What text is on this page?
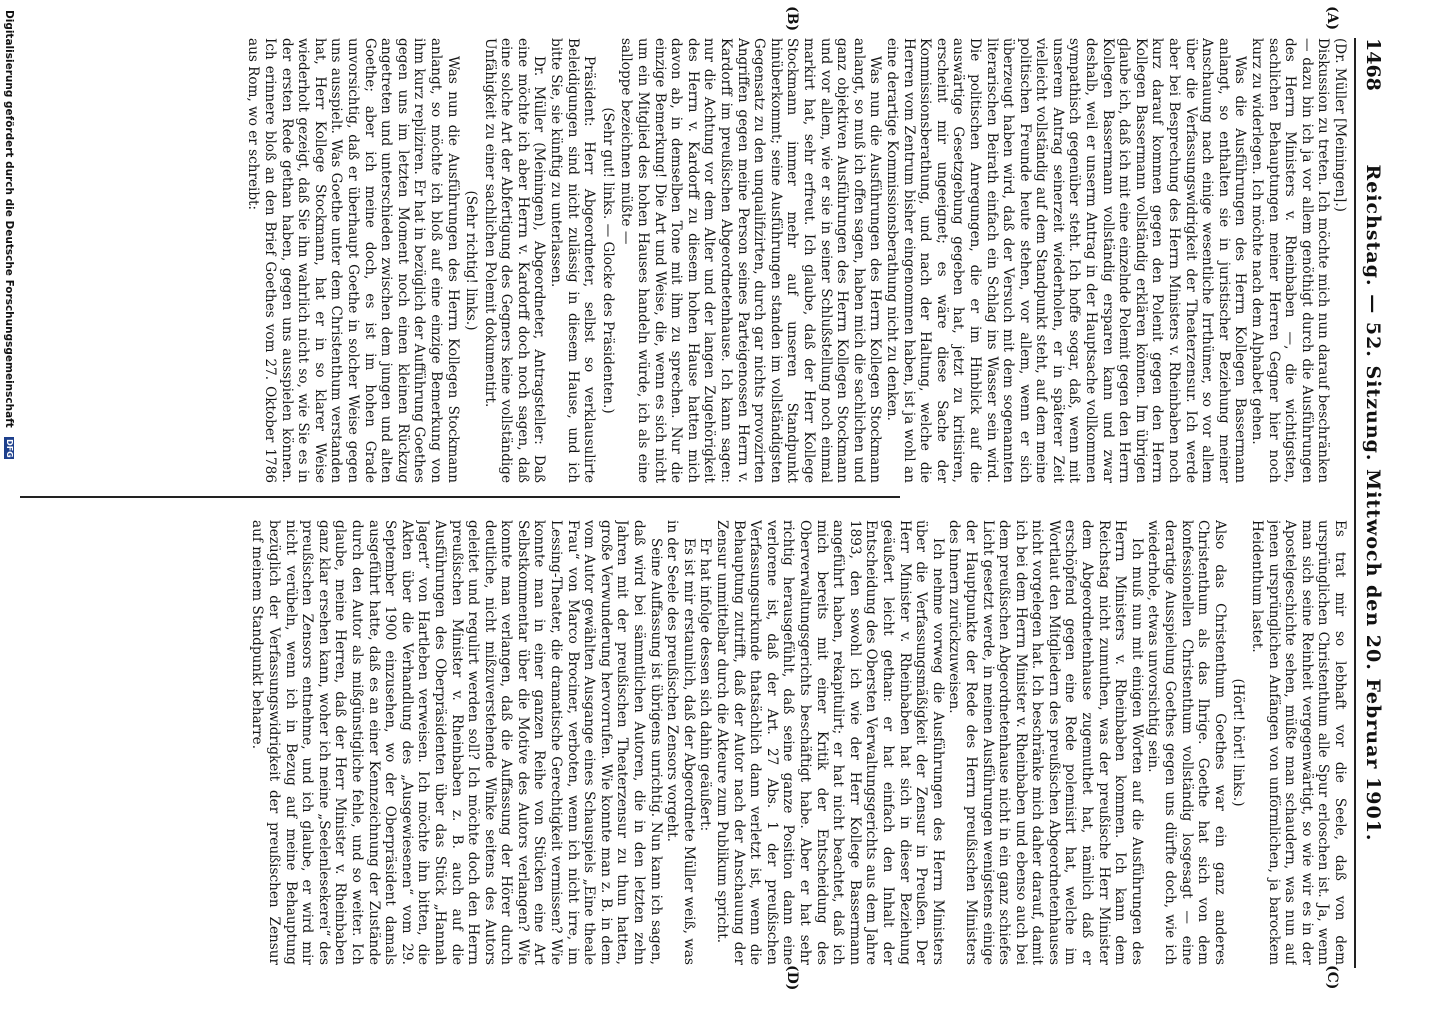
1468
Reichstag. — 52. Sitzung. Mittwoch den 20. Februar 1901.
(A)
(B)
(C)
(D)

(Dr. Müller [Meiningen].)

Diskussion zu treten. Ich möchte mich nun darauf beschränken — dazu bin ich ja vor allem genöthigt durch die Ausführungen des Herrn Ministers v. Rheinbaben —, die wichtigsten, sachlichen Behauptungen meiner Herren Gegner hier noch kurz zu widerlegen. Ich möchte nach dem Alphabet gehen.

Was die Ausführungen des Herrn Kollegen Bassermann anlangt, so enthalten sie in juristischer Beziehung meiner Anschauung nach einige wesentliche Irrthümer, so vor allem über die Verfassungswidrigkeit der Theaterzensur. Ich werde aber bei Besprechung des Herrn Ministers v. Rheinbaben noch kurz darauf kommen gegen den Polenit gegen den Herrn Kollegen Bassermann vollständig erklären können. Im übrigen glaube ich, daß ich mit eine einzelnde Polemit gegen den Herrn Kollegen Bassermann vollständig ersparen kann und zwar deshalb, weil er unserm Antrag in der Hauptsache vollkommen sympathisch gegenüber steht. Ich hoffe sogar, daß, wenn mit unserem Antrag seinerzeit wiederholen, er in späterer Zeit vielleicht vollständig auf dem Standpunkt steht, auf dem meine politischen Freunde heute stehen, vor allem, wenn er sich überzeugt haben wird, daß der Versuch mit dem sogenannten literarischen Beirath einfach ein Schlag ins Wasser sein wird. Die politischen Anregungen, die er im Hinblick auf die auswärtige Gesetzgebung gegeben hat, jetzt zu kritisiren, erscheint mir ungeeignet; es wäre diese Sache der Kommissionsberathung, und nach der Haltung, welche die Herren vom Zentrum bisher eingenommen haben, ist ja wohl an eine derartige Kommissionsberathung nicht zu denken.

Was nun die Ausführungen des Herrn Kollegen Stockmann anlangt, so muß ich offen sagen, haben mich die sachlichen und ganz objektiven Ausführungen des Herrn Kollegen Stockmann und vor allem, wie er sie in seiner Schlußstellung noch einmal markirt hat, sehr erfreut. Ich glaube, daß der Herr Kollege Stockmann immer mehr auf unseren Standpunkt hinüberkommt; seine Ausführungen standen im vollständigsten Gegensatz zu den unqualifizirten, durch gar nichts provozirten Angriffen gegen meine Person seines Parteigenossen Herrn v. Kardorff im preußischen Abgeordnetenhause. Ich kann sagen: nur die Achtung vor dem Alter und der langen Zugehörigkeit des Herrn v. Kardorff zu diesem hohen Hause hatten mich davon ab, in demselben Tone mit ihm zu sprechen. Nur die einzige Bemerkung! Die Art und Weise, die, wenn es sich nicht um ein Mitglied des hohen Hauses handeln würde, ich als eine salloppe bezeichnen müßte —

(Sehr gut! links. — Glocke des Präsidenten.)

Präsident: Herr Abgeordneter, selbst so verklausulirte Beleidigungen sind nicht zulässig in diesem Hause, und ich bitte Sie, sie künftig zu unterlassen.

Dr. Müller (Meiningen), Abgeordneter, Antragsteller: Daß eine möchte ich aber Herrn v. Kardorff doch noch sagen, daß eine solche Art der Abfertigung des Gegners keine vollständige Unfähigkeit zu einer sachlichen Polemit dokumentirt.

(Sehr richtig! links.)

Was nun die Ausführungen des Herrn Kollegen Stockmann anlangt, so möchte ich bloß auf eine einzige Bemerkung von ihm kurz repliziren. Er hat in bezüglich der Aufführung Goethes gegen uns im letzten Moment noch einen kleinen Rückzug angetreten und unterschieden zwischen dem jungen und alten Goethe; aber ich meine doch, es ist im hohen Grade unvorsichtig, daß er überhaupt Goethe in solcher Weise gegen uns ausspielt. Was Goethe unter dem Christenthum verstanden hat, Herr Kollege Stockmann, hat er in so klarer Weise wiederholt gezeigt, daß Sie ihn wahrlich nicht so, wie Sie es in der ersten Rede gethan haben, gegen uns ausspielen können. Ich erinnere bloß an den Brief Goethes vom 27. Oktober 1786 aus Rom, wo er schreibt:

Es trat mir so lebhaft vor die Seele, daß von dem ursprünglichen Christenthum alle Spur erloschen ist. Ja, wenn man sich seine Reinheit vergegenwärtigt, so wie wir es in der Apostelgeschichte sehen, müßte man schaudern, was nun auf jenen ursprünglichen Anfängen von unförmlichen, ja barockem Heidenthum lastet.

(Hört! hört! links.)

Also das Christenthum Goethes war ein ganz anderes Christenthum als das Ihrige. Goethe hat sich von dem konfessionellen Christenthum vollständig losgesagt — eine derartige Ausspielung Goethes gegen uns dürfte doch, wie ich wiederhole, etwas unvorsichtig sein.

Ich muß nun mit einigen Worten auf die Ausführungen des Herrn Ministers v. Rheinbaben kommen. Ich kann dem Reichstag nicht zumuthen, was der preußische Herr Minister dem Abgeordnetenhause zugemuthet hat, nämlich daß er erschöpfend gegen eine Rede polemisirt hat, welche im Wortlaut den Mitgliedern des preußischen Abgeordnetenhauses nicht vorgelegen hat. Ich beschränke mich daher darauf, damit ich bei dem Herrn Minister v. Rheinbaben und ebenso auch bei dem preußischen Abgeordnetenhause nicht in ein ganz schiefes Licht gesetzt werde, in meinen Ausführungen wenigstens einige der Hauptpunkte der Rede des Herrn preußischen Ministers des Innern zurückzuweisen.

Ich nehme vorweg die Ausführungen des Herrn Ministers über die Verfassungsmäßigkeit der Zensur in Preußen. Der Herr Minister v. Rheinbaben hat sich in dieser Beziehung geäußert leicht gethan: er hat einfach den Inhalt der Entscheidung des Obersten Verwaltungsgerichts aus dem Jahre 1893, den sowohl ich wie der Herr Kollege Bassermann angeführt haben, rekapitulirt; er hat nicht beachtet, daß ich mich bereits mit einer Kritik der Entscheidung des Oberverwaltungsgerichts beschäftigt habe. Aber er hat sehr richtig herausgefühlt, daß seine ganze Position dann eine verlorene ist, daß der Art. 27 Abs. 1 der preußischen Verfassungsurkunde thatsächlich dann verletzt ist, wenn die Behauptung zutrifft, daß der Autor nach der Anschauung der Zensur unmittelbar durch die Akteure zum Publikum spricht.

Er hat infolge dessen sich dahin geäußert:

Es ist mir erstaunlich, daß der Abgeordnete Müller weiß, was in der Seele des preußischen Zensors vorgeht.

Seine Auffassung ist übrigens unrichtig. Nun kann ich sagen, daß wird bei sämmtlichen Autoren, die in den letzten zehn Jahren mit der preußischen Theaterzensur zu thun hatten, große Verwunderung hervorrufen. Wie konnte man z. B. in dem vom Autor gewählten Ausgange eines Schauspiels „Eine theale Frau“ von Marco Brociner, verboten, wenn ich nicht irre, im Lessing-Theater, die dramatische Gerechtigkeit vermissen? Wie konnte man in einer ganzen Reihe von Stücken eine Art Selbstkommentar über die Motive des Autors verlangen? Wie konnte man verlangen, daß die Auffassung der Hörer durch deutliche, nicht mißzuverstehende Winke seitens des Autors geleitet und regulirt werden soll? Ich möchte doch den Herrn preußischen Minister v. Rheinbaben z. B. auch auf die Ausführungen des Oberpräsidenten über das Stück „Hannah Jagert“ von Hartleben verweisen. Ich möchte ihn bitten, die Akten über die Verhandlung des „Ausgewiesenen“ vom 29. September 1900 einzusehen, wo der Oberpräsident damals ausgeführt hatte, daß es an einer Kennzeichnung der Zustände durch den Autor als mißgünstigliche fehle, und so weiter. Ich glaube, meine Herren, daß der Herr Minister v. Rheinbaben ganz klar ersehen kann, woher ich meine „Seelenlesekerei“ des preußischen Zensors entnehme, und ich glaube, er wird mir nicht verübeln, wenn ich in Bezug auf meine Behauptung bezüglich der Verfassungswidrigkeit der preußischen Zensur auf meinem Standpunkt beharre.

Digitalisierung gefördert durch die Deutsche Forschungsgemeinschaft DFG
